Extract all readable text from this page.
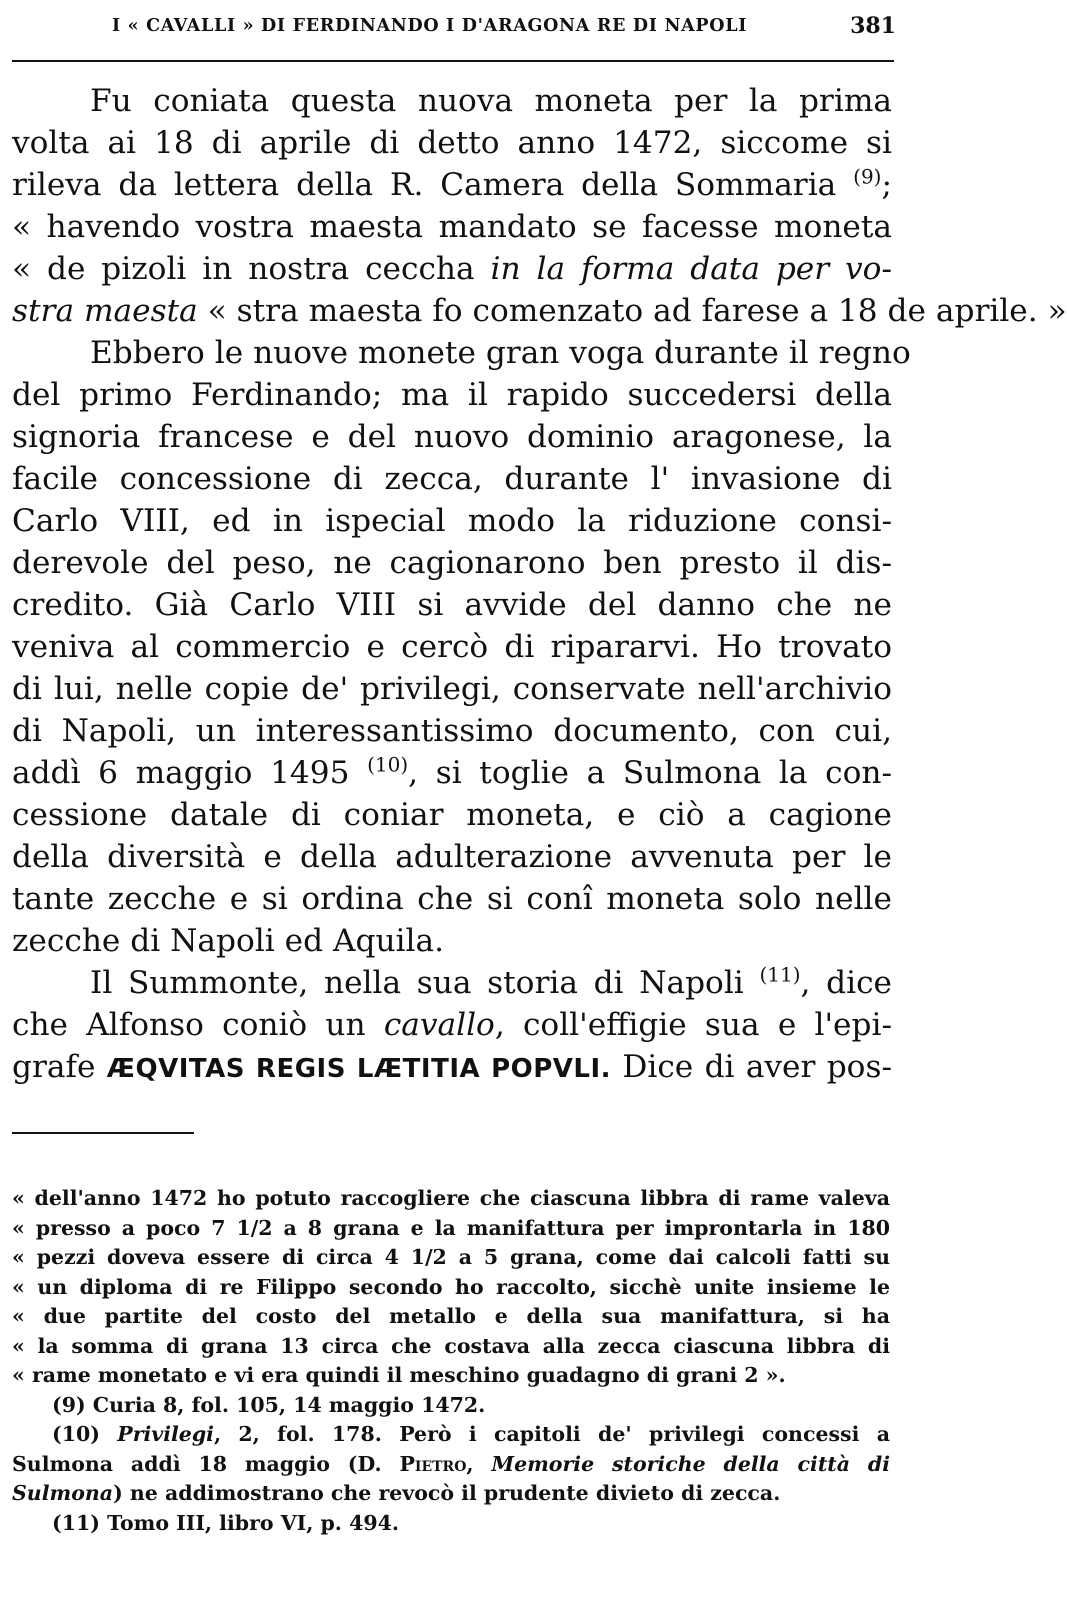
I « CAVALLI » DI FERDINANDO I D'ARAGONA RE DI NAPOLI	381
Fu coniata questa nuova moneta per la prima
volta ai 18 di aprile di detto anno 1472, siccome si
rileva da lettera della R. Camera della Sommaria $^{(9)}$;
« havendo vostra maesta mandato se facesse moneta
« de pizoli in nostra ceccha in la forma data per vo-
stra maesta « stra maesta fo comenzato ad farese a 18 de aprile. »
Ebbero le nuove monete gran voga durante il regno
del primo Ferdinando; ma il rapido succedersi della
signoria francese e del nuovo dominio aragonese, la
facile concessione di zecca, durante l' invasione di
Carlo VIII, ed in ispecial modo la riduzione consi-
derevole del peso, ne cagionarono ben presto il dis-
credito. Già Carlo VIII si avvide del danno che ne
veniva al commercio e cercò di ripararvi. Ho trovato
di lui, nelle copie de' privilegi, conservate nell'archivio
di Napoli, un interessantissimo documento, con cui,
addì 6 maggio 1495 $^{(10)}$, si toglie a Sulmona la con-
cessione datale di coniar moneta, e ciò a cagione
della diversità e della adulterazione avvenuta per le
tante zecche e si ordina che si conî moneta solo nelle
zecche di Napoli ed Aquila.
Il Summonte, nella sua storia di Napoli $^{(11)}$, dice
che Alfonso coniò un cavallo, coll'effigie sua e l'epi-
grafe ÆQVITAS REGIS LÆTITIA POPVLI. Dice di aver pos-
« dell'anno 1472 ho potuto raccogliere che ciascuna libbra di rame valeva
« presso a poco 7 1/2 a 8 grana e la manifattura per improntarla in 180
« pezzi doveva essere di circa 4 1/2 a 5 grana, come dai calcoli fatti su
« un diploma di re Filippo secondo ho raccolto, sicchè unite insieme le
« due partite del costo del metallo e della sua manifattura, si ha
« la somma di grana 13 circa che costava alla zecca ciascuna libbra di
« rame monetato e vi era quindi il meschino guadagno di grani 2 ».
(9) Curia 8, fol. 105, 14 maggio 1472.
(10) Privilegi, 2, fol. 178. Però i capitoli de' privilegi concessi a
Sulmona addì 18 maggio (D. Pietro, Memorie storiche della città di
Sulmona) ne addimostrano che revocò il prudente divieto di zecca.
(11) Tomo III, libro VI, p. 494.
